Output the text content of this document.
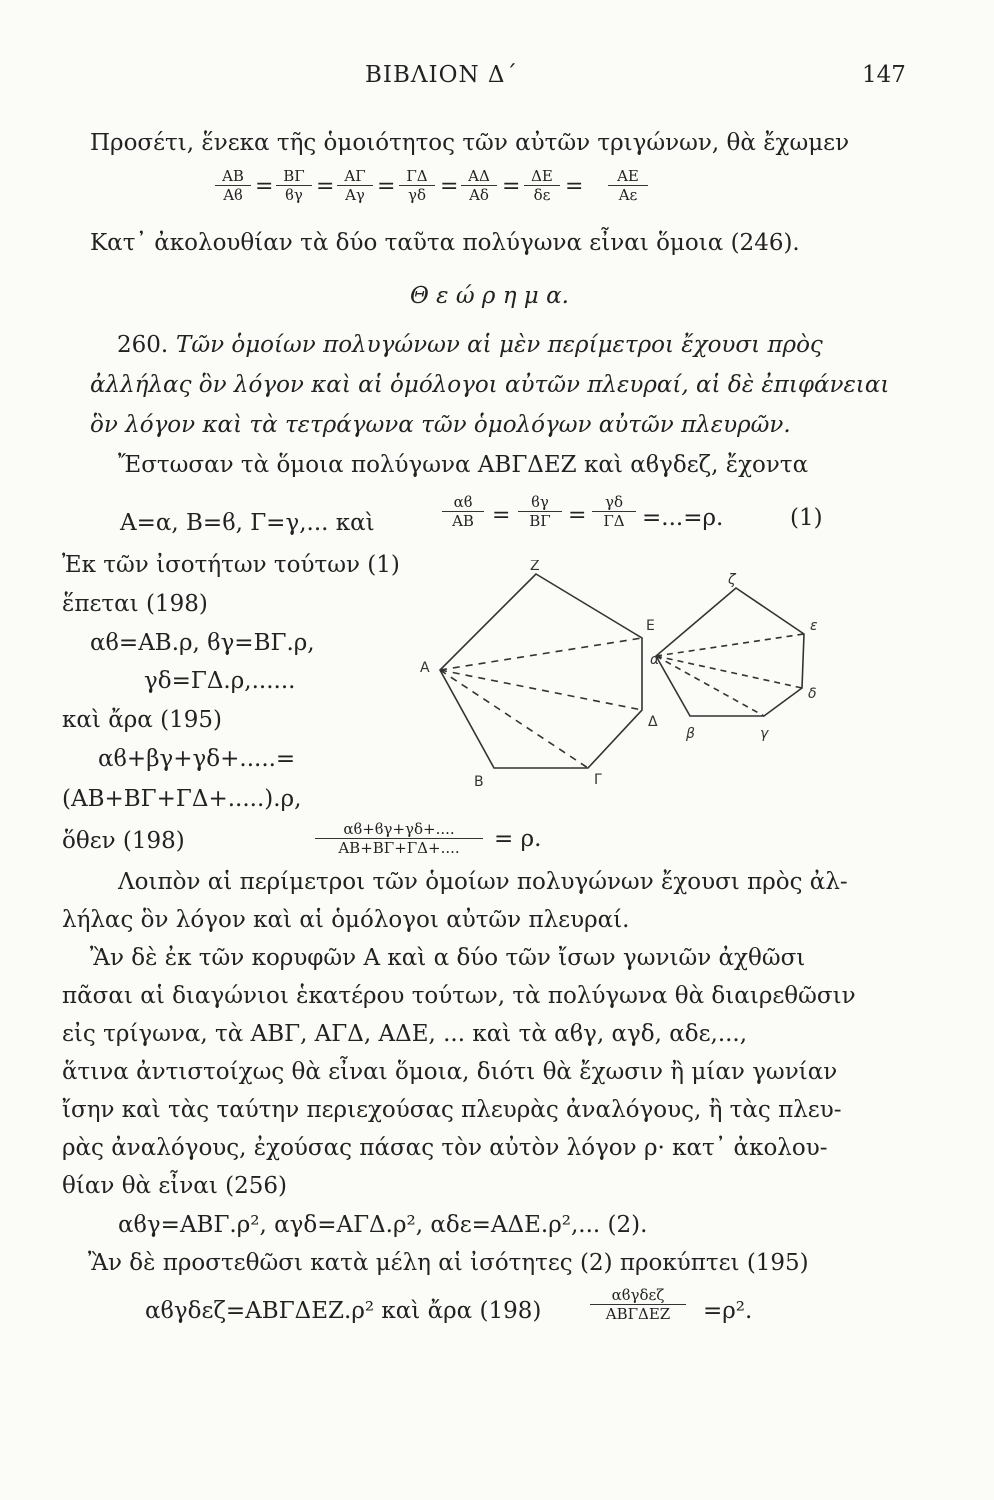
ΒΙΒΛΙΟΝ Δ΄	147
Προσέτι, ἕνεκα τῆς ὁμοιότητος τῶν αὐτῶν τριγώνων, θὰ ἔχωμεν
$\frac{AB}{Aϐ} = \frac{B\Gamma}{ϐ\gamma} = \frac{A\Gamma}{A\gamma} = \frac{\Gamma\Delta}{\gamma\delta} = \frac{A\Delta}{A\delta} = \frac{\Delta E}{\delta\varepsilon} = \frac{AE}{A\varepsilon}$
Κατ᾽ ἀκολουθίαν τὰ δύο ταῦτα πολύγωνα εἶναι ὅμοια (246).
Θ ε ώ ρ η μ α.
260. Τῶν ὁμοίων πολυγώνων αἱ μὲν περίμετροι ἔχουσι πρὸς
ἀλλήλας ὃν λόγον καὶ αἱ ὁμόλογοι αὐτῶν πλευραί, αἱ δὲ ἐπιφάνειαι
ὃν λόγον καὶ τὰ τετράγωνα τῶν ὁμολόγων αὐτῶν πλευρῶν.
Ἔστωσαν τὰ ὅμοια πολύγωνα ΑΒΓΔΕΖ καὶ αϐγδεζ, ἔχοντα
Α=α, Β=ϐ, Γ=γ,... καὶ	$\frac{\alpha ϐ}{AB} = \frac{ϐ\gamma}{B\Gamma} = \frac{\gamma\delta}{\Gamma\Delta} =...=\rho$.	(1)
Ἐκ τῶν ἰσοτήτων τούτων (1)
ἕπεται (198)
αϐ=ΑΒ.ρ, ϐγ=ΒΓ.ρ,
γδ=ΓΔ.ρ,......
καὶ ἄρα (195)
αϐ+βγ+γδ+.....=
(ΑΒ+ΒΓ+ΓΔ+.....).ρ,
ὅθεν (198)	$\frac{\alpha ϐ+ϐ\gamma+\gamma\delta+....}{AB+B\Gamma+\Gamma\Delta+....} = \rho$.
Λοιπὸν αἱ περίμετροι τῶν ὁμοίων πολυγώνων ἔχουσι πρὸς ἀλ-
λήλας ὃν λόγον καὶ αἱ ὁμόλογοι αὐτῶν πλευραί.
Ἂν δὲ ἐκ τῶν κορυφῶν Α καὶ α δύο τῶν ἴσων γωνιῶν ἀχθῶσι
πᾶσαι αἱ διαγώνιοι ἑκατέρου τούτων, τὰ πολύγωνα θὰ διαιρεθῶσιν
εἰς τρίγωνα, τὰ ΑΒΓ, ΑΓΔ, ΑΔΕ, ... καὶ τὰ αϐγ, αγδ, αδε,...,
ἅτινα ἀντιστοίχως θὰ εἶναι ὅμοια, διότι θὰ ἔχωσιν ἢ μίαν γωνίαν
ἴσην καὶ τὰς ταύτην περιεχούσας πλευρὰς ἀναλόγους, ἢ τὰς πλευ-
ρὰς ἀναλόγους, ἐχούσας πάσας τὸν αὐτὸν λόγον ρ· κατ᾽ ἀκολου-
θίαν θὰ εἶναι (256)
αϐγ=ΑΒΓ.ρ², αγδ=ΑΓΔ.ρ², αδε=ΑΔΕ.ρ²,... (2).
Ἂν δὲ προστεθῶσι κατὰ μέλη αἱ ἰσότητες (2) προκύπτει (195)
αϐγδεζ=ΑΒΓΔΕΖ.ρ² καὶ ἄρα (198)
αϐγδεζ
ΑΒΓΔΕΖ	=ρ².
Ζ
Ε
Α
Δ
Β	Γ
ζ
ε
α
δ
β	γ
